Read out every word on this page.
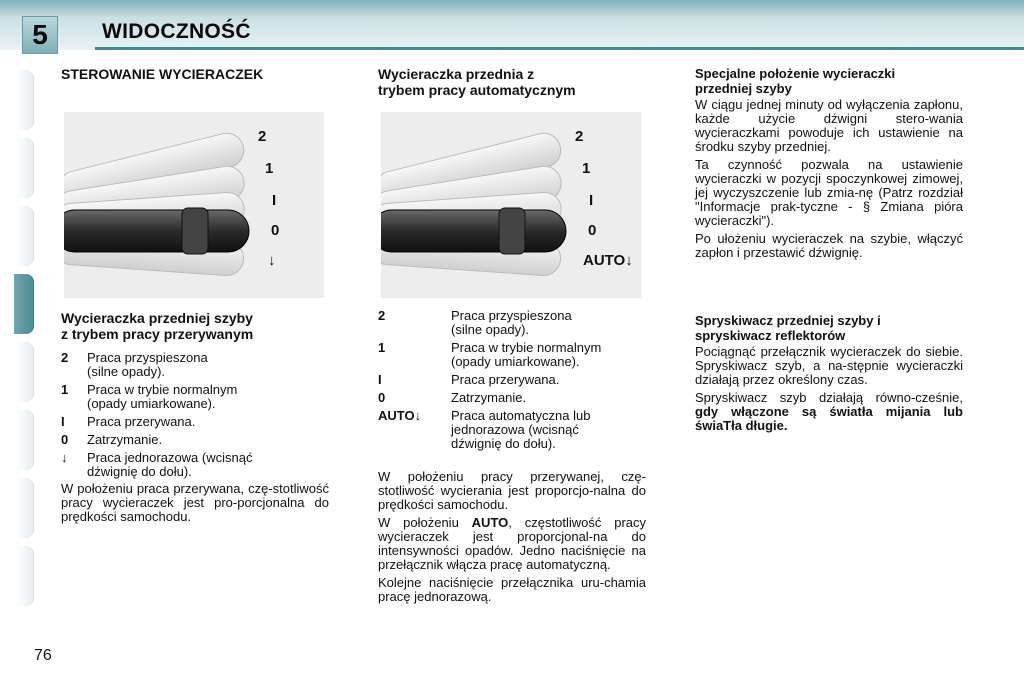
5	WIDOCZNOŚĆ
STEROWANIE WYCIERACZEK
2
1
I
0
↓
Wycieraczka przedniej szyby
z trybem pracy przerywanym
2	Praca przyspieszona
(silne opady).
1	Praca w trybie normalnym
(opady umiarkowane).
I	Praca przerywana.
0	Zatrzymanie.
↓	Praca jednorazowa (wcisnąć
dźwignię do dołu).

W położeniu praca przerywana, czę-stotliwość pracy wycieraczek jest pro-porcjonalna do prędkości samochodu.

Wycieraczka przednia z
trybem pracy automatycznym
2
1
I
0
AUTO↓
2	Praca przyspieszona
(silne opady).
1	Praca w trybie normalnym
(opady umiarkowane).
I	Praca przerywana.
0	Zatrzymanie.
AUTO↓	Praca automatyczna lub
jednorazowa (wcisnąć
dźwignię do dołu).

W położeniu pracy przerywanej, czę-stotliwość wycierania jest proporcjo-nalna do prędkości samochodu.

W położeniu AUTO, częstotliwość pracy wycieraczek jest proporcjonal-na do intensywności opadów. Jedno naciśnięcie na przełącznik włącza pracę automatyczną.

Kolejne naciśnięcie przełącznika uru-chamia pracę jednorazową.

Specjalne położenie wycieraczki
przedniej szyby

W ciągu jednej minuty od wyłączenia zapłonu, każde użycie dźwigni stero-wania wycieraczkami powoduje ich ustawienie na środku szyby przedniej.

Ta czynność pozwala na ustawienie wycieraczki w pozycji spoczynkowej zimowej, jej wyczyszczenie lub zmia-nę (Patrz rozdział "Informacje prak-tyczne - § Zmiana pióra wycieraczki").

Po ułożeniu wycieraczek na szybie, włączyć zapłon i przestawić dźwignię.

Spryskiwacz przedniej szyby i
spryskiwacz reflektorów

Pociągnąć przełącznik wycieraczek do siebie. Spryskiwacz szyb, a na-stępnie wycieraczki działają przez określony czas.

Spryskiwacz szyb działają równo-cześnie, gdy włączone są światła mijania lub świaTła długie.

76
